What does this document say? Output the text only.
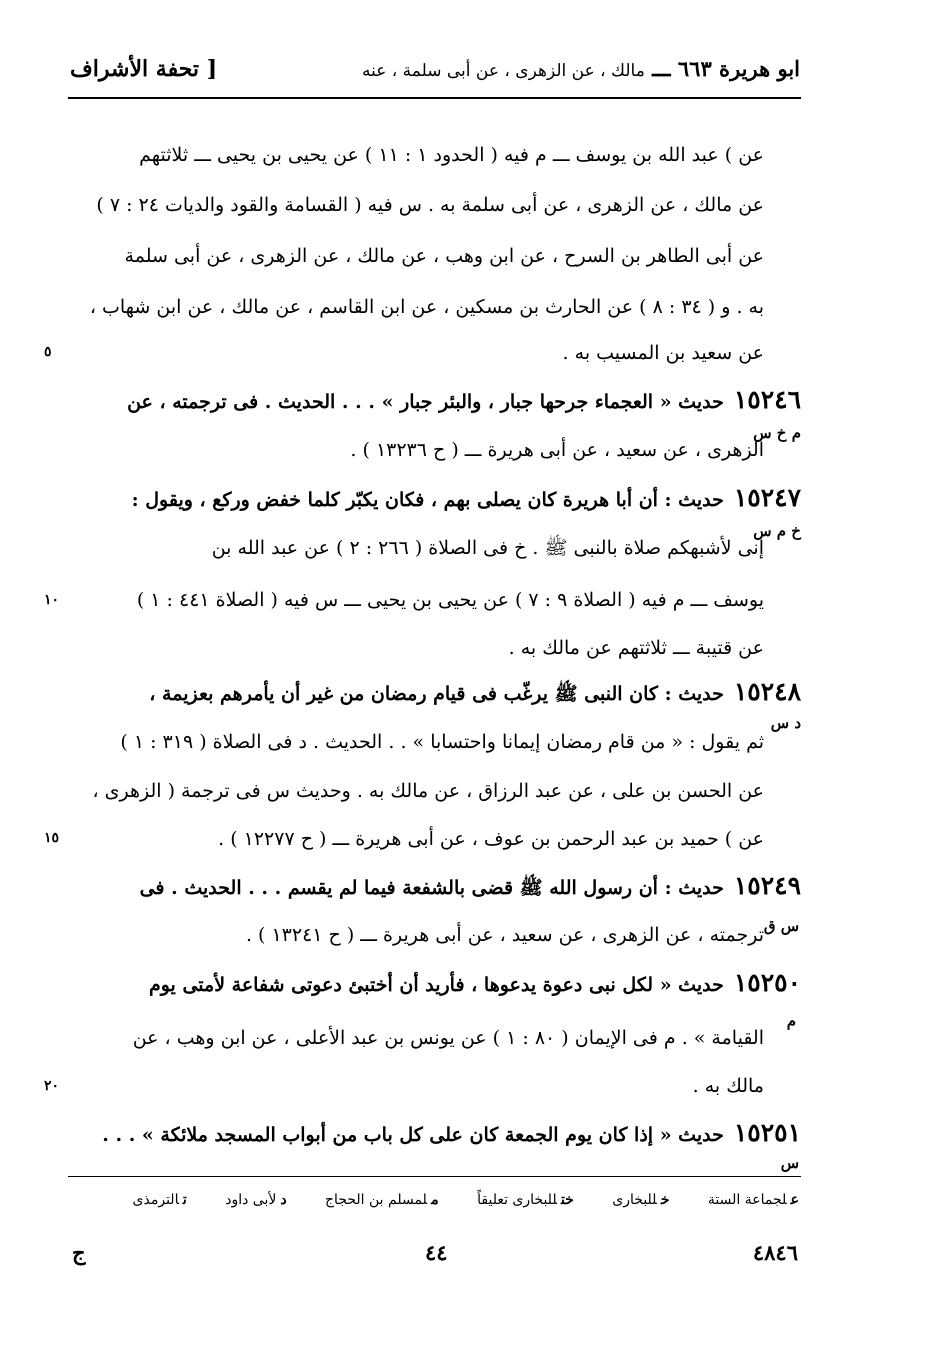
ابو هريرة ٦٦٣ ـــ مالك ، عن الزهرى ، عن أبى سلمة ، عنه
[ تحفة الأشراف
عن ) عبد الله بن يوسف ـــ م فيه ( الحدود ۱ : ۱۱ ) عن يحيى بن يحيى ـــ ثلاثتهم
عن مالك ، عن الزهرى ، عن أبى سلمة به . س فيه ( القسامة والقود والديات ۲٤ : ۷ )
عن أبى الطاهر بن السرح ، عن ابن وهب ، عن مالك ، عن الزهرى ، عن أبى سلمة
به . و ( ۳٤ : ۸ ) عن الحارث بن مسكين ، عن ابن القاسم ، عن مالك ، عن ابن شهاب ،
عن سعيد بن المسيب به .
۱٥۲٤٦حديث « العجماء جرحها جبار ، والبئر جبار » . . . الحديث . فى ترجمته ، عن
الزهرى ، عن سعيد ، عن أبى هريرة ـــ ( ح ۱۳۲۳٦ ) .
۱٥۲٤۷حديث : أن أبا هريرة كان يصلى بهم ، فكان يكبّر كلما خفض وركع ، ويقول :
إنى لأشبهكم صلاة بالنبى ﷺ . خ فى الصلاة ( ۲٦٦ : ۲ ) عن عبد الله بن
يوسف ـــ م فيه ( الصلاة ۹ : ۷ ) عن يحيى بن يحيى ـــ س فيه ( الصلاة ٤٤۱ : ۱ )
عن قتيبة ـــ ثلاثتهم عن مالك به .
۱٥۲٤۸حديث : كان النبى ﷺ يرغّب فى قيام رمضان من غير أن يأمرهم بعزيمة ،
ثم يقول : « من قام رمضان إيمانا واحتسابا » . . الحديث . د فى الصلاة ( ۳۱۹ : ۱ )
عن الحسن بن على ، عن عبد الرزاق ، عن مالك به . وحديث س فى ترجمة ( الزهرى ،
عن ) حميد بن عبد الرحمن بن عوف ، عن أبى هريرة ـــ ( ح ۱۲۲۷۷ ) .
۱٥۲٤۹حديث : أن رسول الله ﷺ قضى بالشفعة فيما لم يقسم . . . الحديث . فى
ترجمته ، عن الزهرى ، عن سعيد ، عن أبى هريرة ـــ ( ح ۱۳۲٤۱ ) .
۱٥۲٥۰حديث « لكل نبى دعوة يدعوها ، فأريد أن أختبئ دعوتى شفاعة لأمتى يوم
القيامة » . م فى الإيمان ( ۸۰ : ۱ ) عن يونس بن عبد الأعلى ، عن ابن وهب ، عن
مالك به .
۱٥۲٥۱حديث « إذا كان يوم الجمعة كان على كل باب من أبواب المسجد ملائكة » . . .
م خ س
خ م س
د س
س ق
م
س
٥
۱۰
۱٥
۲۰
علجماعة الستة خللبخارى ختللبخارى تعليقاً ملمسلم بن الحجاج دلأبى داود تالترمذى
ج	٤٤	٤٨٤٦
